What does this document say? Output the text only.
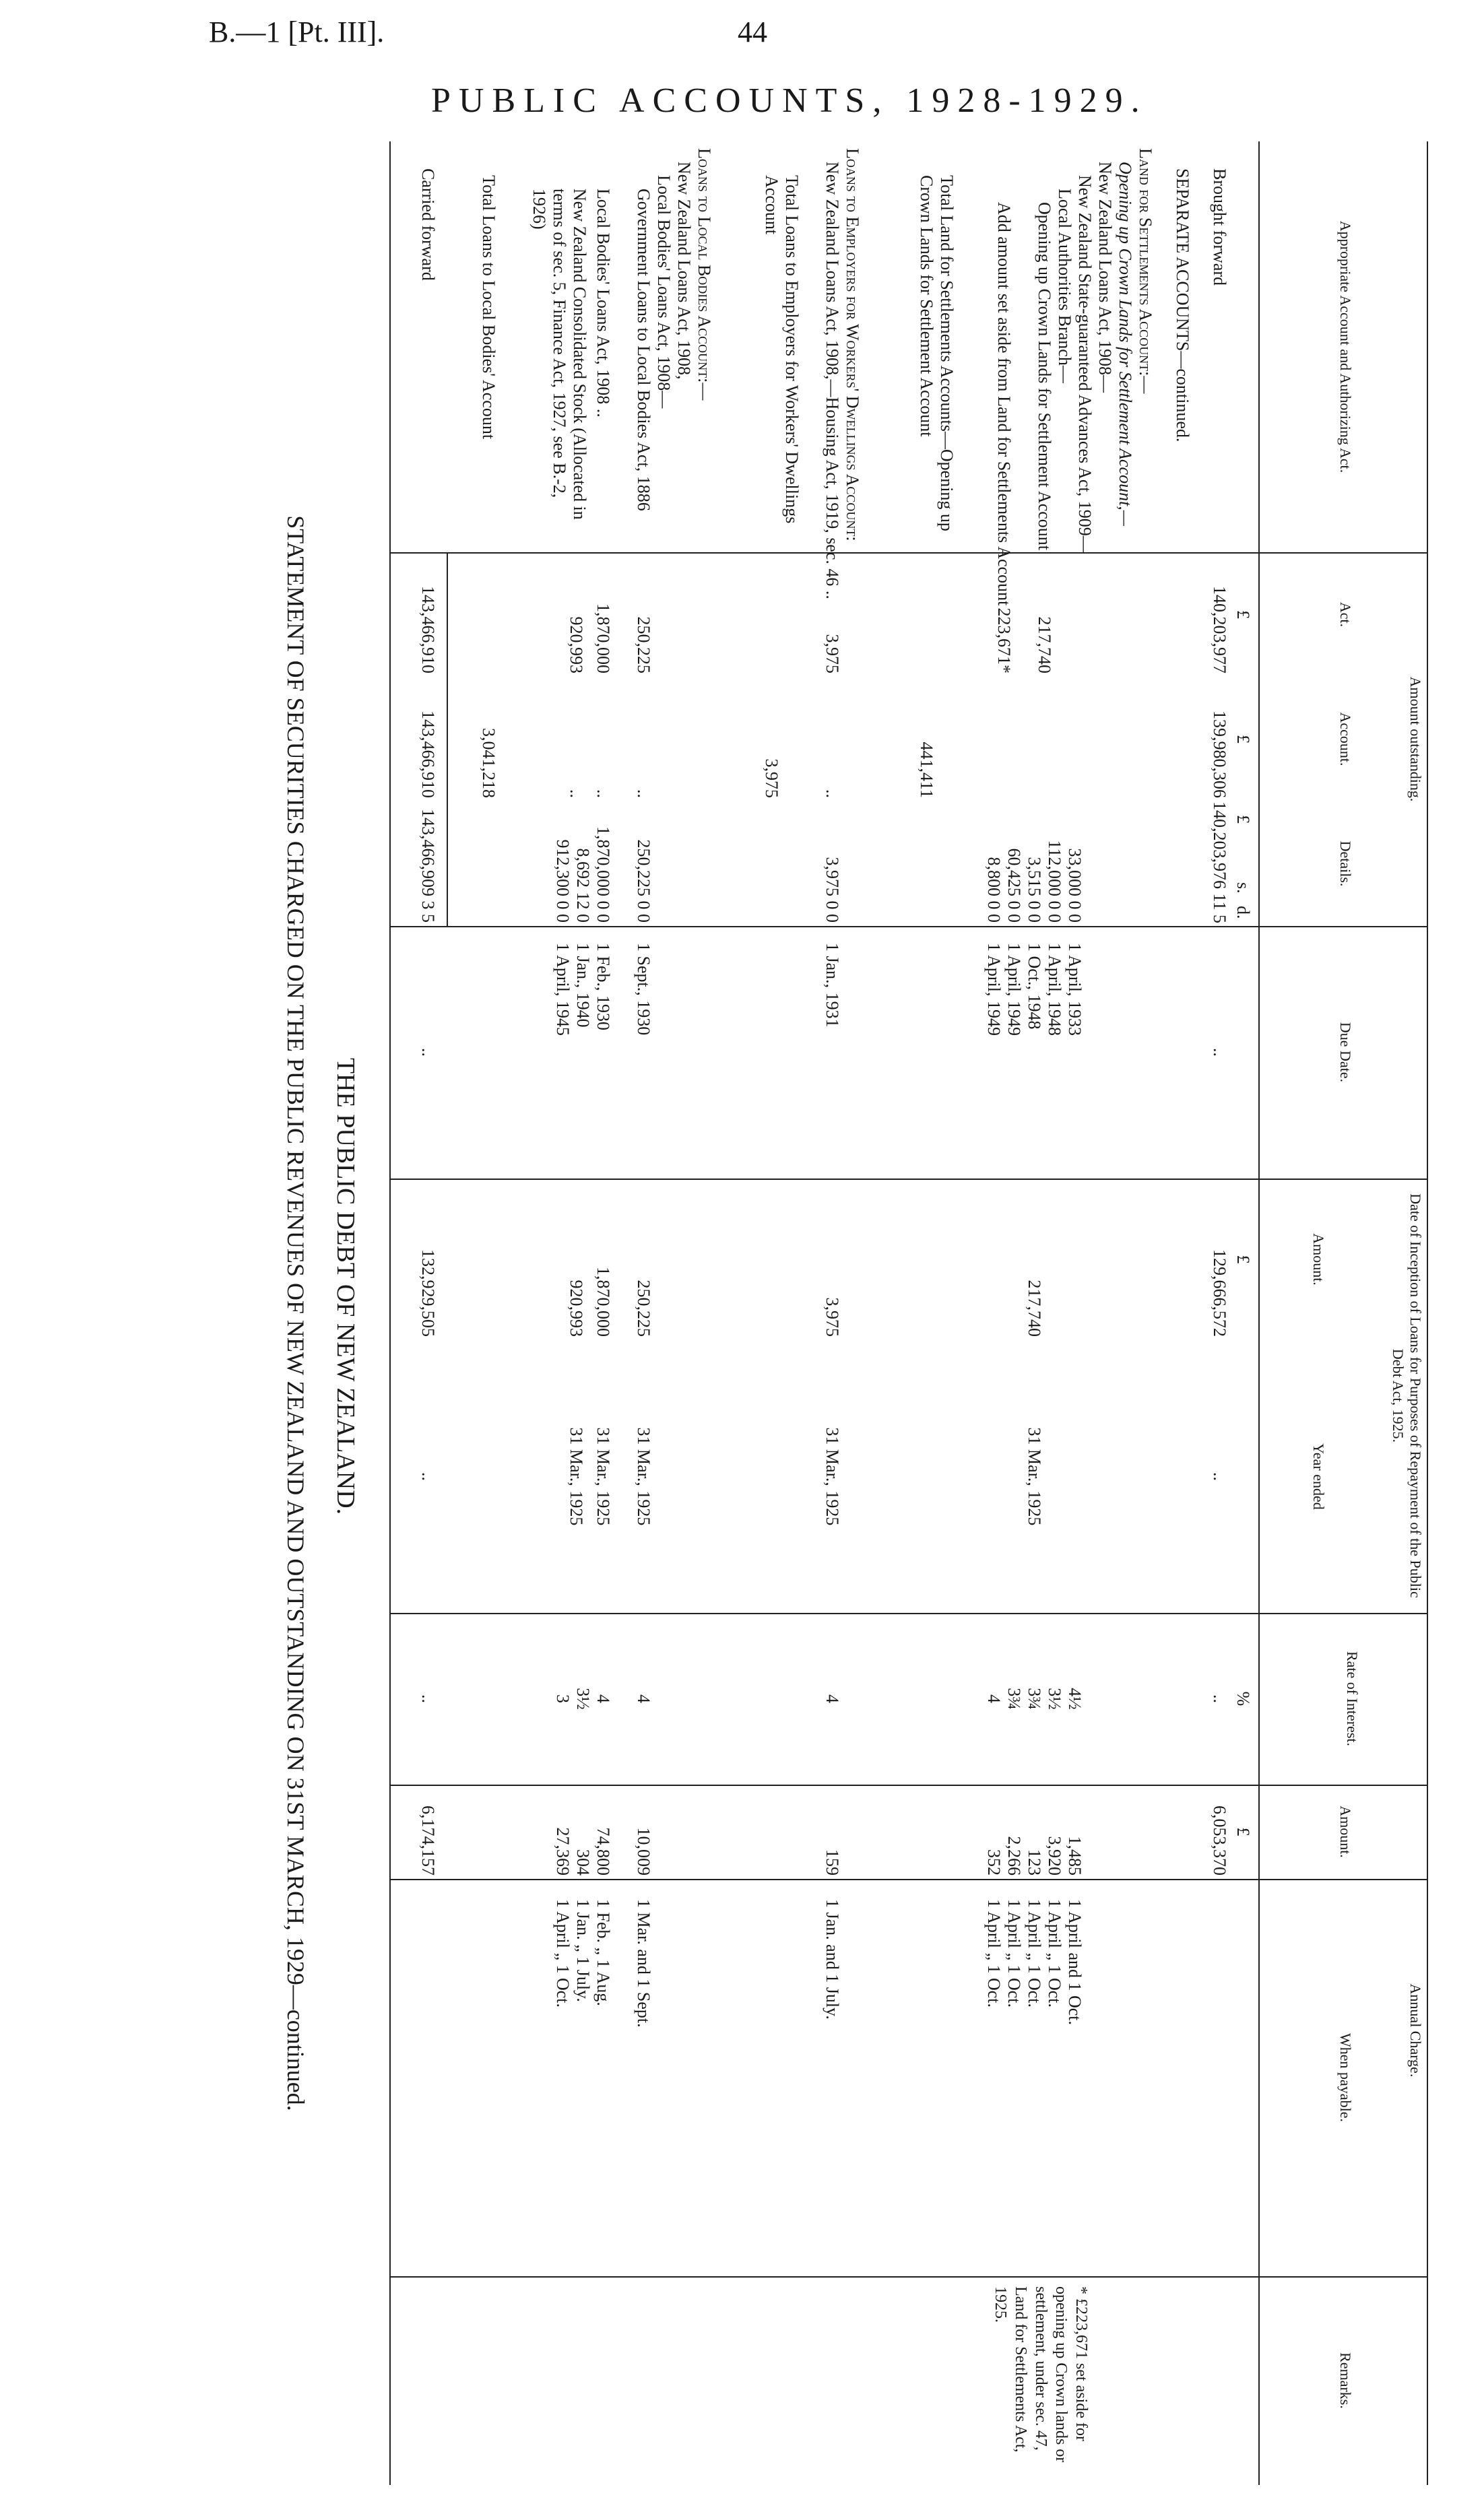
B.—1 [Pt. III].	44
PUBLIC ACCOUNTS, 1928-1929.
THE PUBLIC DEBT OF NEW ZEALAND.
STATEMENT OF SECURITIES CHARGED ON THE PUBLIC REVENUES OF NEW ZEALAND AND OUTSTANDING ON 31ST MARCH, 1929—continued.
Appropriate Account and Authorizing Act.
Amount outstanding.
Act.
Account.
Details.
Due Date.
Date of Inception of Loans for Purposes of Repayment of the Public Debt Act, 1925.
Amount.
Year ended
Rate of Interest.
Annual Charge.
Amount.
When payable.
Remarks.
£
£
£
s.
d.
£
%
£
Brought forward
140,203,977
139,980,306
140,203,976 11 5
..
129,666,572
..
..
6,053,370
SEPARATE ACCOUNTS—continued.
Land for Settlements Account:—
Opening up Crown Lands for Settlement Account,—
New Zealand Loans Act, 1908—
New Zealand State-guaranteed Advances Act, 1909—
Local Authorities Branch—
Opening up Crown Lands for Settlement Account
217,740
Add amount set aside from Land for Settlements Account
223,671*
33,000 0 0
112,000 0 0
3,515 0 0
60,425 0 0
8,800 0 0
1 April, 1933
1 April, 1948
1 Oct., 1948
1 April, 1949
1 April, 1949
217,740
31 Mar., 1925
4½
3½
3¾
3¾
4
1,485
3,920
123
2,266
352
1 April and 1 Oct.
1 April „ 1 Oct.
1 April „ 1 Oct.
1 April „ 1 Oct.
1 April „ 1 Oct.
* £223,671 set aside for opening up Crown lands or settlement, under sec. 47, Land for Settlements Act, 1925.
Total Land for Settlements Accounts—Opening up Crown Lands for Settlement Account
441,411
Loans to Employers for Workers' Dwellings Account:
New Zealand Loans Act, 1908,—Housing Act, 1919, sec. 46 ..
3,975
..
3,975 0 0
1 Jan., 1931
3,975
31 Mar., 1925
4
159
1 Jan. and 1 July.
Total Loans to Employers for Workers' Dwellings Account
3,975
Loans to Local Bodies Account:—
New Zealand Loans Act, 1908,
Local Bodies' Loans Act, 1908—
Government Loans to Local Bodies Act, 1886
250,225
..
250,225 0 0
1 Sept., 1930
250,225
31 Mar., 1925
4
10,009
1 Mar. and 1 Sept.
Local Bodies' Loans Act, 1908 ..
1,870,000
..
1,870,000 0 0
1 Feb., 1930
1,870,000
31 Mar., 1925
4
74,800
1 Feb. „ 1 Aug.
New Zealand Consolidated Stock (Allocated in terms of sec. 5, Finance Act, 1927, see B.-2, 1926)
920,993
..
8,692 12 0
912,300 0 0
1 Jan., 1940
1 April, 1945
920,993
31 Mar., 1925
3½
3
304
27,369
1 Jan. „ 1 July.
1 April „ 1 Oct.
Total Loans to Local Bodies' Account
3,041,218
Carried forward
143,466,910
143,466,910
143,466,909 3 5
..
132,929,505
..
..
6,174,157
